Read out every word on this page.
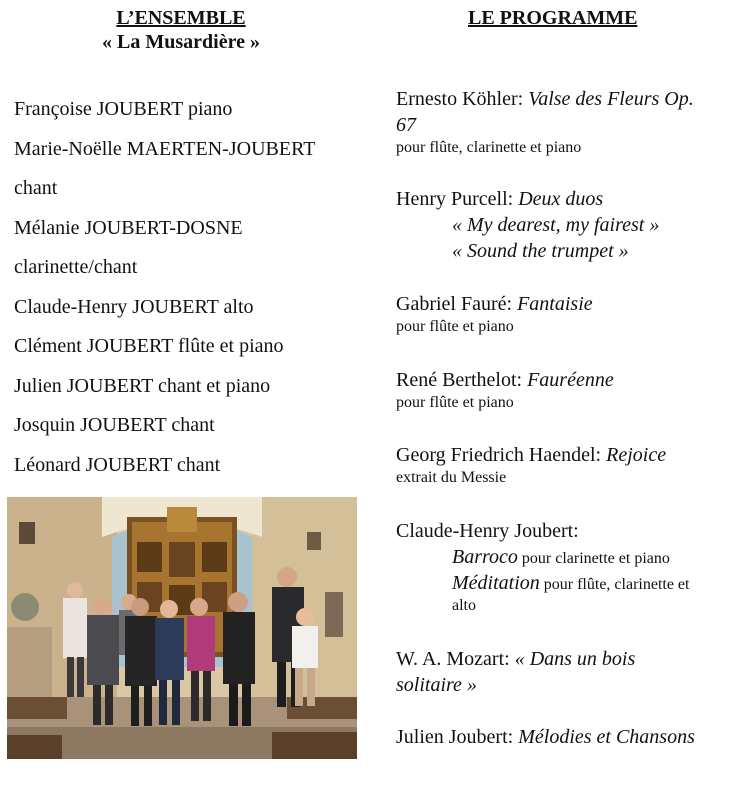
L’ENSEMBLE
« La Musardière »
LE PROGRAMME
Françoise JOUBERT piano
Marie-Noëlle MAERTEN-JOUBERT
chant
Mélanie JOUBERT-DOSNE
clarinette/chant
Claude-Henry JOUBERT alto
Clément JOUBERT flûte et piano
Julien JOUBERT chant et piano
Josquin JOUBERT chant
Léonard JOUBERT chant
Ernesto Köhler: Valse des Fleurs Op.
67
pour flûte, clarinette et piano
Henry Purcell: Deux duos
« My dearest, my fairest »
« Sound the trumpet »
Gabriel Fauré: Fantaisie
pour flûte et piano
René Berthelot: Fauréenne
pour flûte et piano
Georg Friedrich Haendel: Rejoice
extrait du Messie
Claude-Henry Joubert:
Barroco pour clarinette et piano
Méditation pour flûte, clarinette et
alto
W. A. Mozart: « Dans un bois
solitaire »
Julien Joubert: Mélodies et Chansons
